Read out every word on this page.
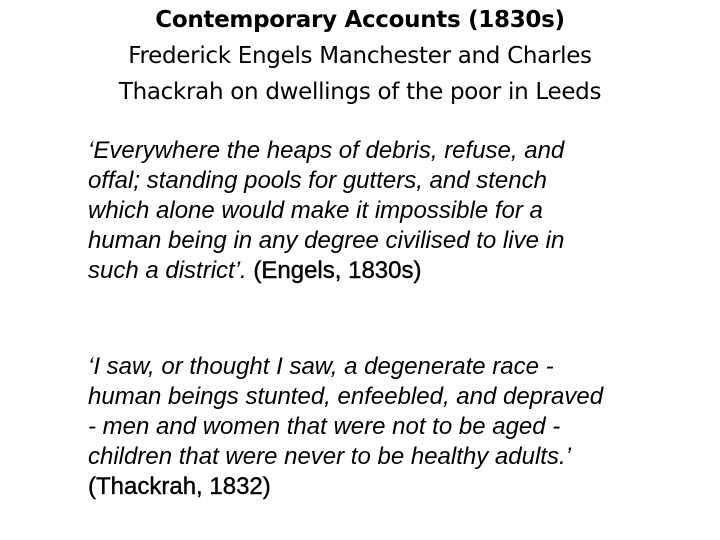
Contemporary Accounts (1830s)
Frederick Engels Manchester and Charles
Thackrah on dwellings of the poor in Leeds
‘Everywhere the heaps of debris, refuse, and
offal; standing pools for gutters, and stench
which alone would make it impossible for a
human being in any degree civilised to live in
such a district’. (Engels, 1830s)
‘I saw, or thought I saw, a degenerate race -
human beings stunted, enfeebled, and depraved
- men and women that were not to be aged -
children that were never to be healthy adults.’
(Thackrah, 1832)
